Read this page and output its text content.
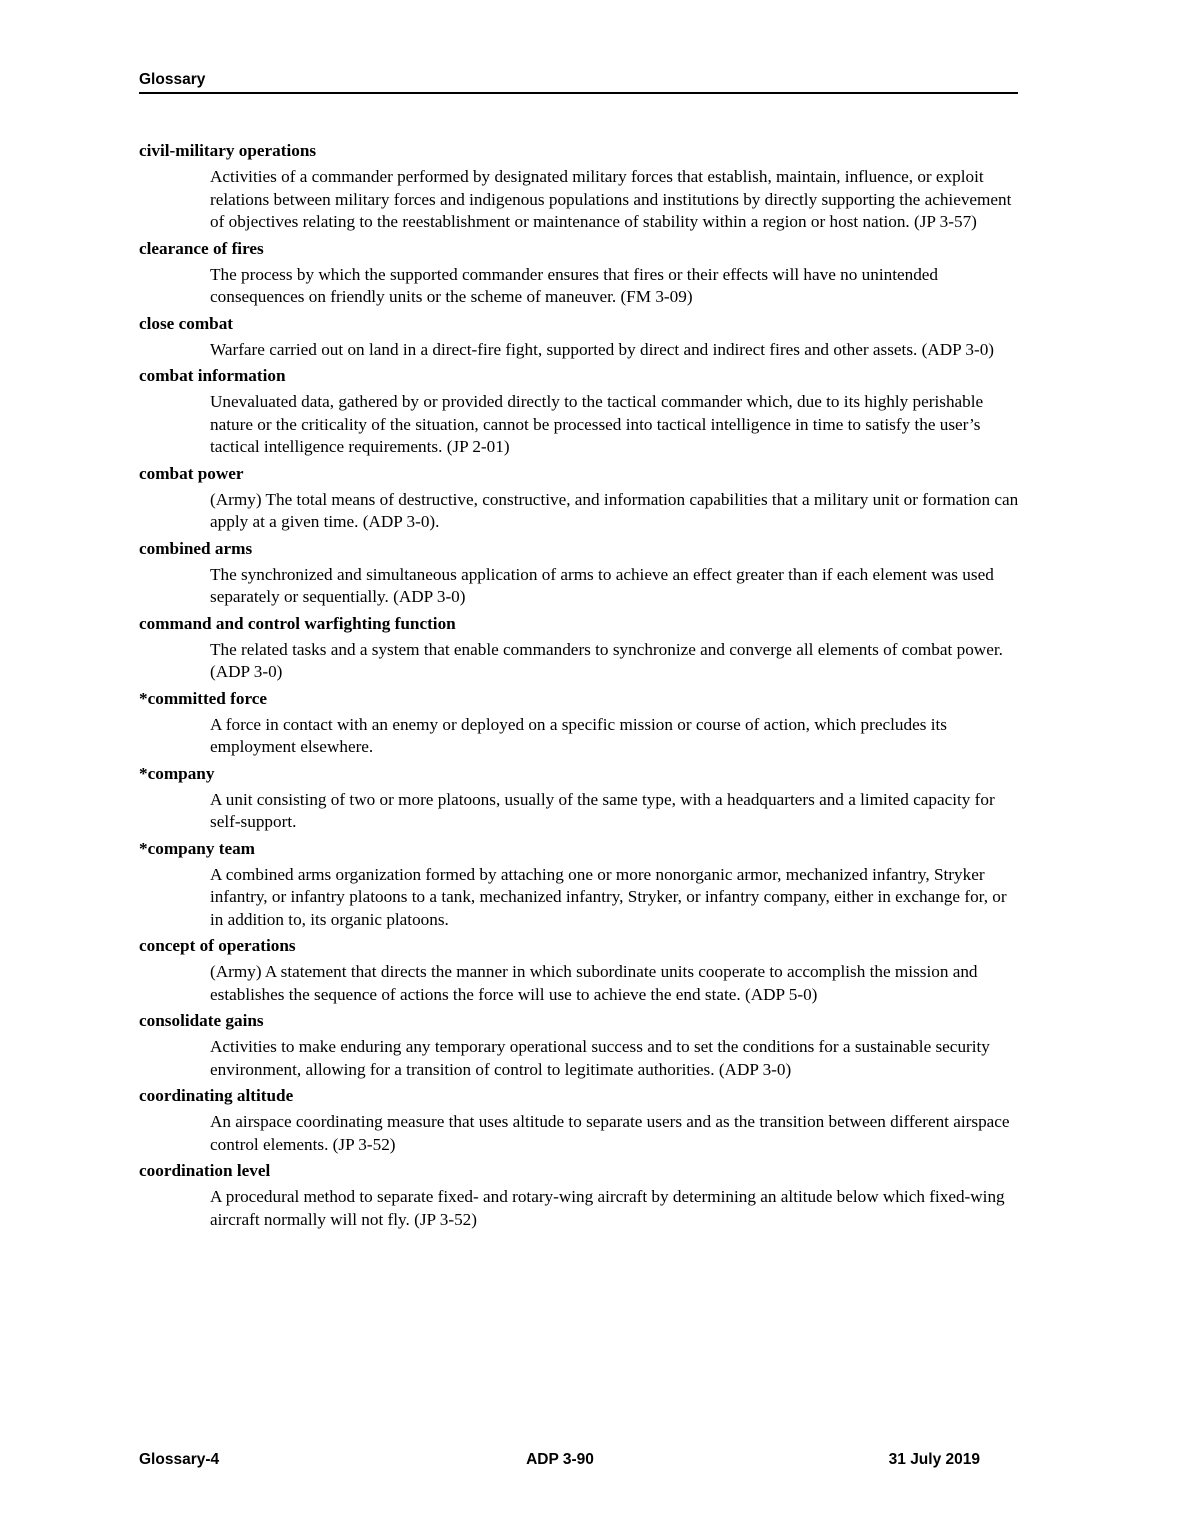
Glossary
civil-military operations
Activities of a commander performed by designated military forces that establish, maintain, influence, or exploit relations between military forces and indigenous populations and institutions by directly supporting the achievement of objectives relating to the reestablishment or maintenance of stability within a region or host nation. (JP 3-57)
clearance of fires
The process by which the supported commander ensures that fires or their effects will have no unintended consequences on friendly units or the scheme of maneuver. (FM 3-09)
close combat
Warfare carried out on land in a direct-fire fight, supported by direct and indirect fires and other assets. (ADP 3-0)
combat information
Unevaluated data, gathered by or provided directly to the tactical commander which, due to its highly perishable nature or the criticality of the situation, cannot be processed into tactical intelligence in time to satisfy the user’s tactical intelligence requirements. (JP 2-01)
combat power
(Army) The total means of destructive, constructive, and information capabilities that a military unit or formation can apply at a given time. (ADP 3-0).
combined arms
The synchronized and simultaneous application of arms to achieve an effect greater than if each element was used separately or sequentially. (ADP 3-0)
command and control warfighting function
The related tasks and a system that enable commanders to synchronize and converge all elements of combat power. (ADP 3-0)
*committed force
A force in contact with an enemy or deployed on a specific mission or course of action, which precludes its employment elsewhere.
*company
A unit consisting of two or more platoons, usually of the same type, with a headquarters and a limited capacity for self-support.
*company team
A combined arms organization formed by attaching one or more nonorganic armor, mechanized infantry, Stryker infantry, or infantry platoons to a tank, mechanized infantry, Stryker, or infantry company, either in exchange for, or in addition to, its organic platoons.
concept of operations
(Army) A statement that directs the manner in which subordinate units cooperate to accomplish the mission and establishes the sequence of actions the force will use to achieve the end state. (ADP 5-0)
consolidate gains
Activities to make enduring any temporary operational success and to set the conditions for a sustainable security environment, allowing for a transition of control to legitimate authorities. (ADP 3-0)
coordinating altitude
An airspace coordinating measure that uses altitude to separate users and as the transition between different airspace control elements. (JP 3-52)
coordination level
A procedural method to separate fixed- and rotary-wing aircraft by determining an altitude below which fixed-wing aircraft normally will not fly. (JP 3-52)
Glossary-4	ADP 3-90	31 July 2019
